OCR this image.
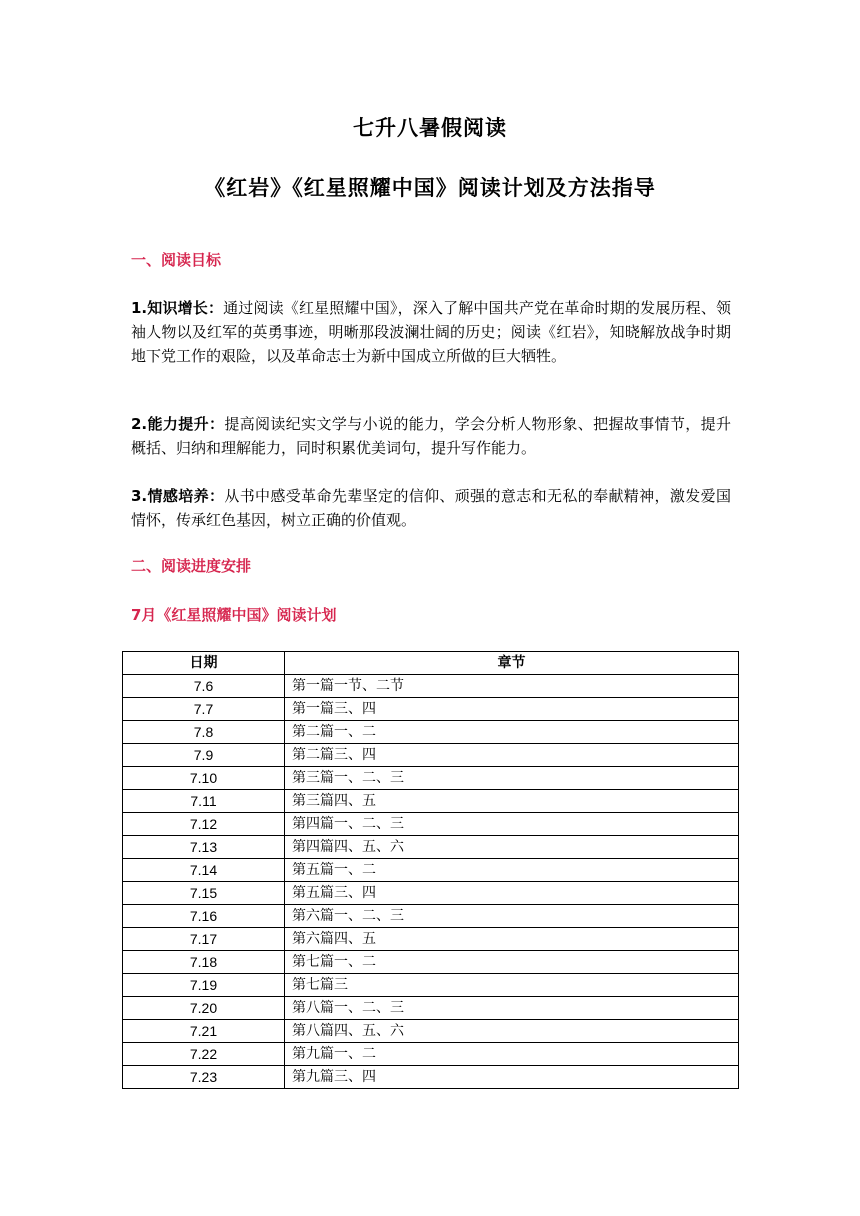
七升八暑假阅读
《红岩》《红星照耀中国》阅读计划及方法指导
一、阅读目标
1.知识增长：通过阅读《红星照耀中国》，深入了解中国共产党在革命时期的发展历程、领袖人物以及红军的英勇事迹，明晰那段波澜壮阔的历史；阅读《红岩》，知晓解放战争时期地下党工作的艰险，以及革命志士为新中国成立所做的巨大牺牲。
2.能力提升：提高阅读纪实文学与小说的能力，学会分析人物形象、把握故事情节，提升概括、归纳和理解能力，同时积累优美词句，提升写作能力。
3.情感培养：从书中感受革命先辈坚定的信仰、顽强的意志和无私的奉献精神，激发爱国情怀，传承红色基因，树立正确的价值观。
二、阅读进度安排
7月《红星照耀中国》阅读计划
日期	章节
7.6	第一篇一节、二节
7.7	第一篇三、四
7.8	第二篇一、二
7.9	第二篇三、四
7.10	第三篇一、二、三
7.11	第三篇四、五
7.12	第四篇一、二、三
7.13	第四篇四、五、六
7.14	第五篇一、二
7.15	第五篇三、四
7.16	第六篇一、二、三
7.17	第六篇四、五
7.18	第七篇一、二
7.19	第七篇三
7.20	第八篇一、二、三
7.21	第八篇四、五、六
7.22	第九篇一、二
7.23	第九篇三、四
